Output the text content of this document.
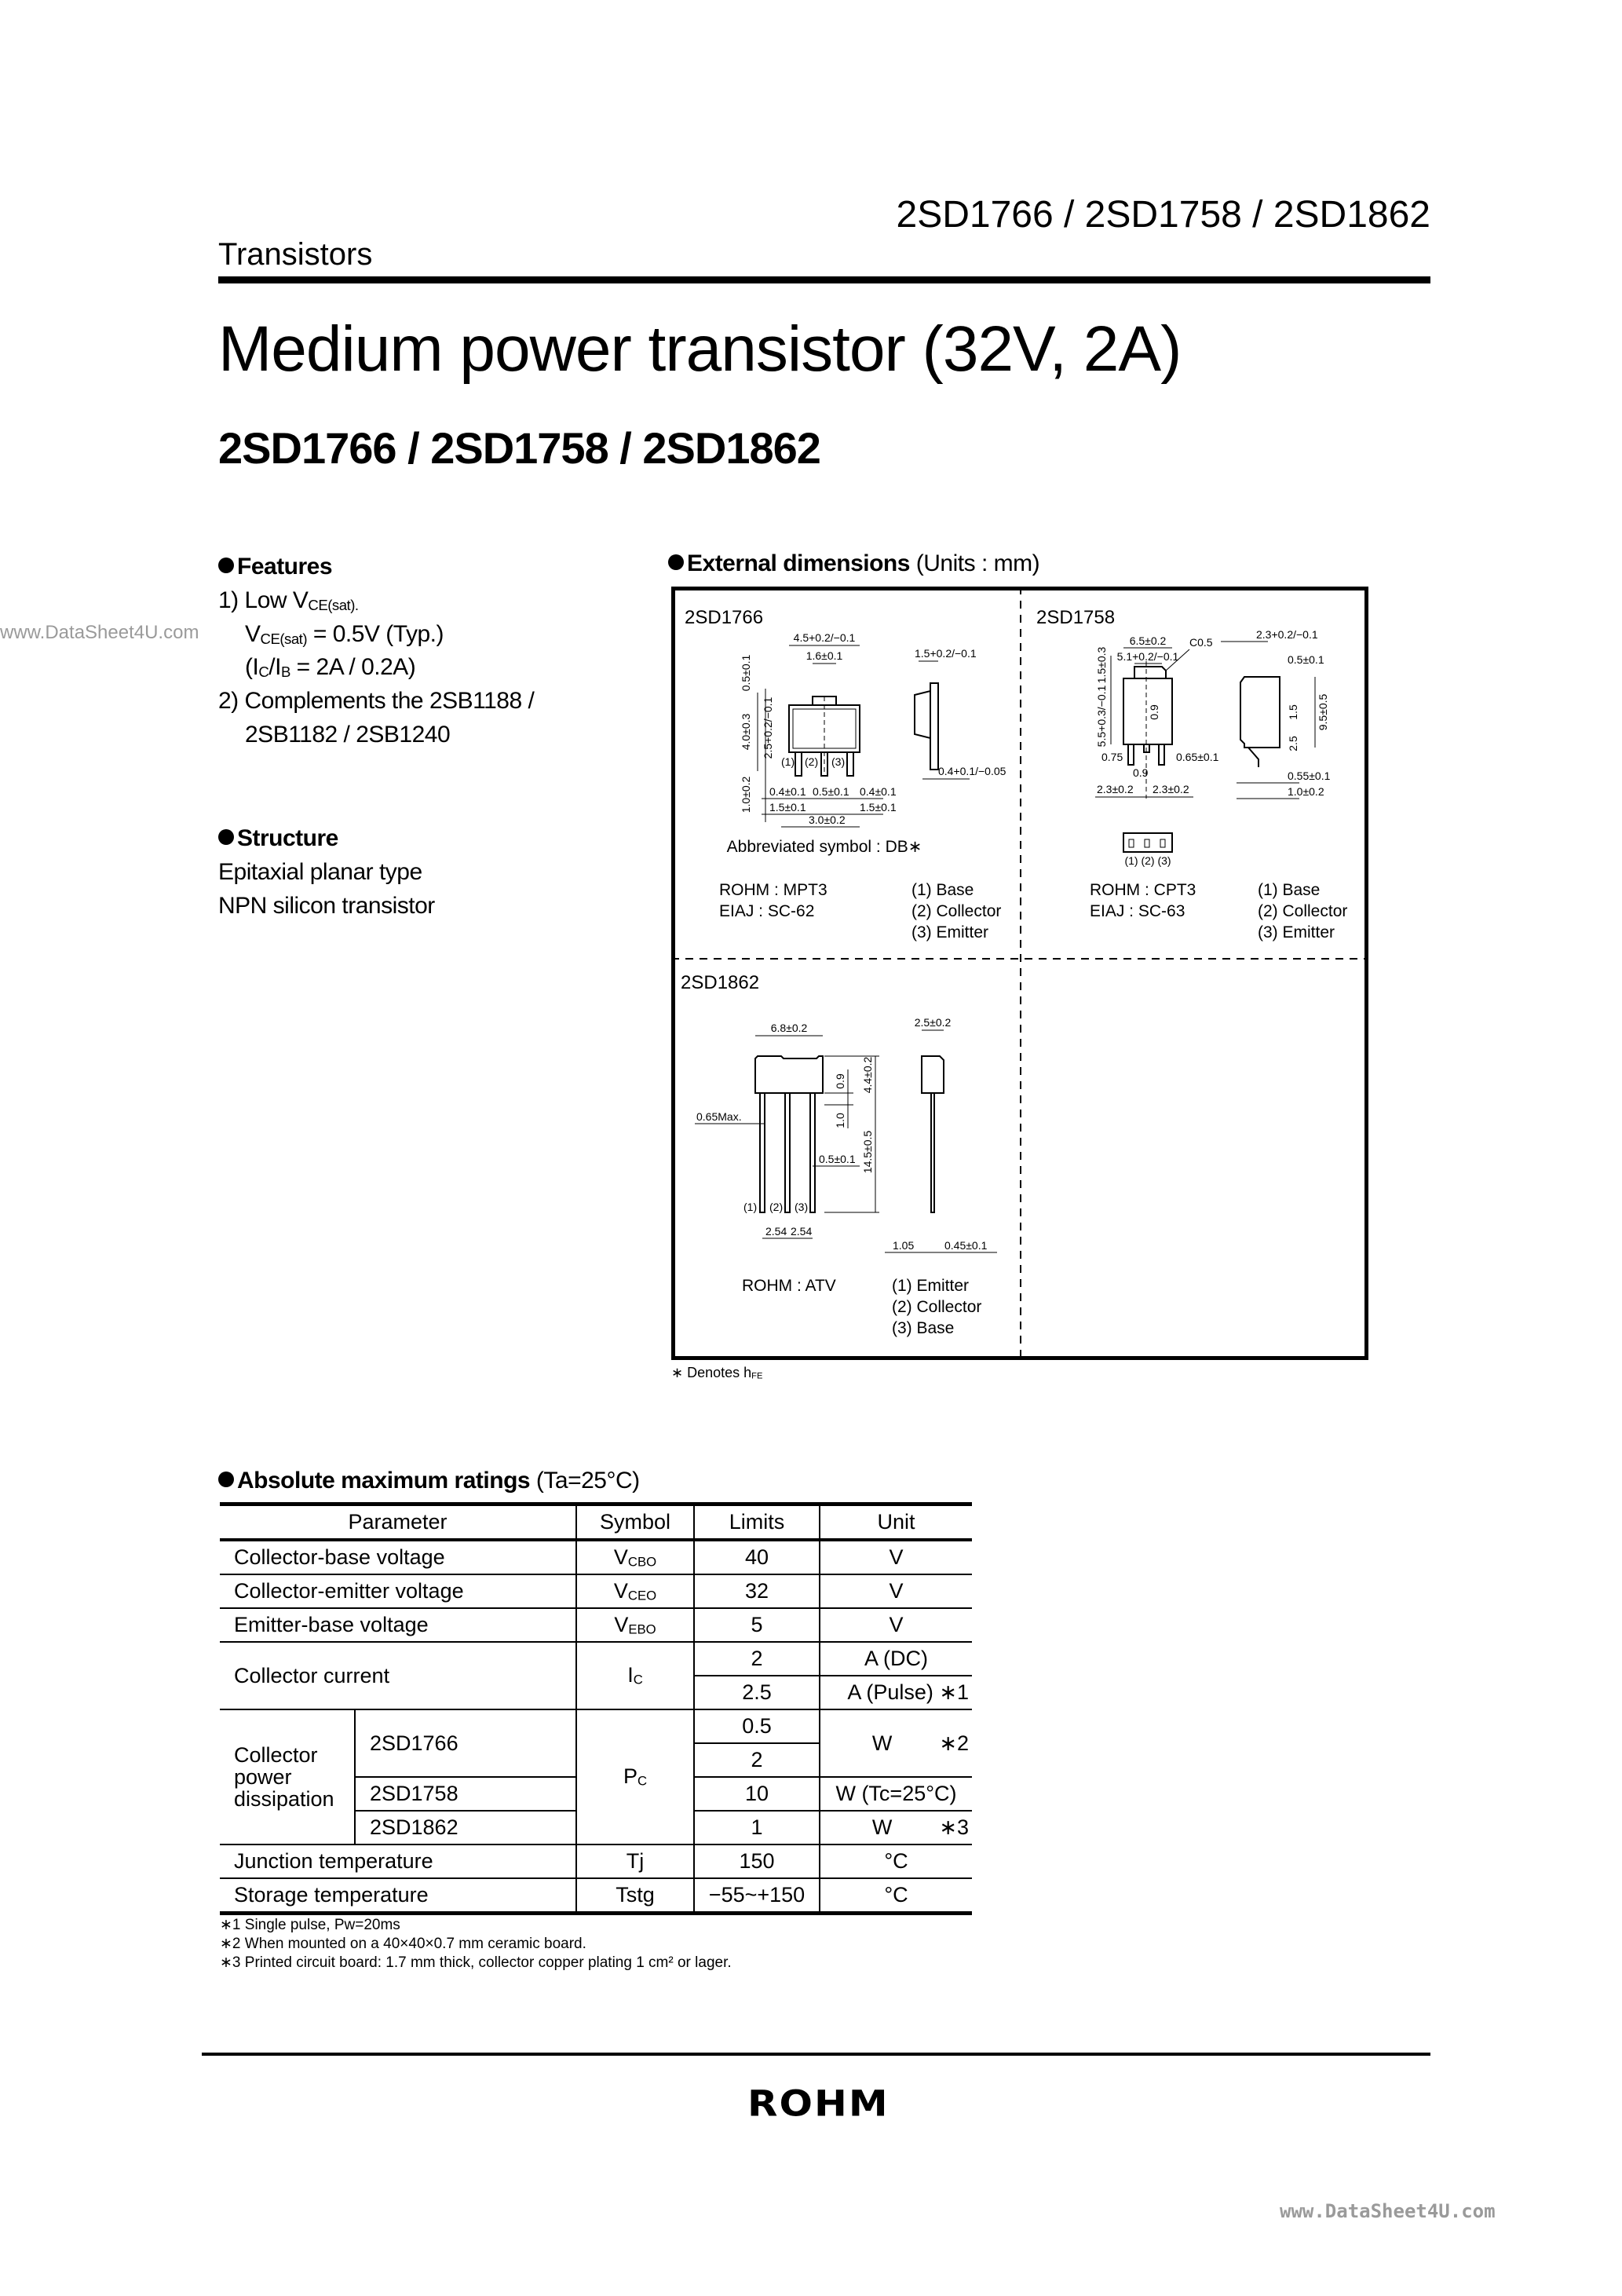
www.DataSheet4U.com
www.DataSheet4U.com
2SD1766 / 2SD1758 / 2SD1862
Transistors
Medium power transistor (32V, 2A)
2SD1766 / 2SD1758 / 2SD1862
Features
1) Low $V_{CE(sat).}$
$V_{CE(sat)} = 0.5V$ (Typ.)
$(I_C/I_B = 2A / 0.2A)$
2) Complements the 2SB1188 /
2SB1182 / 2SB1240
Structure
Epitaxial planar type
NPN silicon transistor
External dimensions (Units : mm)
4.5+0.2/−0.1
1.6±0.1
0.5±0.1
4.0±0.3 2.5+0.2/−0.1
1.0±0.2 0.4±0.1 0.5±0.1 0.4±0.1
1.5±0.1	1.5±0.1
3.0±0.2
1.5+0.2/−0.1
0.4+0.1/−0.05
(1) (2) (3)
2SD1766
Abbreviated symbol : DB∗
ROHM : MPT3
EIAJ : SC-62
(1) Base
(2) Collector
(3) Emitter
2SD1758
6.5±0.2
5.1+0.2/−0.1
C0.5
1.5±0.3
5.5+0.3/−0.1	0.9
0.75	0.65±0.1
0.9
2.3±0.2 2.3±0.2
2.3+0.2/−0.1
0.5±0.1
1.5
2.5
9.5±0.5
0.55±0.1
1.0±0.2
(1) (2) (3)
ROHM : CPT3
EIAJ : SC-63
(1) Base
(2) Collector
(3) Emitter
2SD1862
6.8±0.2	2.5±0.2
4.4±0.2
0.9
1.0
14.5±0.5
0.65Max.
0.5±0.1
(1) (2) (3)
2.54 2.54
1.05	0.45±0.1
ROHM : ATV	(1) Emitter
(2) Collector
(3) Base
∗ Denotes $h_{FE}$
Absolute maximum ratings (Ta=25°C)
Parameter		Symbol	Limits	Unit
Collector-base voltage		$V_{CBO}$	40	V
Collector-emitter voltage		$V_{CEO}$	32	V
Emitter-base voltage		$V_{EBO}$	5	V
Collector current		$I_C$	2	A (DC)
			2.5	A (Pulse) ∗1
Collector power dissipation	2SD1766	$P_C$	0.5	W        ∗2
			2	
	2SD1758		10	W (Tc=25°C)
	2SD1862		1	W        ∗3
Junction temperature		Tj	150	°C
Storage temperature		Tstg	−55~+150	°C
∗1 Single pulse, Pw=20ms
∗2 When mounted on a 40×40×0.7 mm ceramic board.
∗3 Printed circuit board: 1.7 mm thick, collector copper plating 1 cm² or lager.
ROHM
